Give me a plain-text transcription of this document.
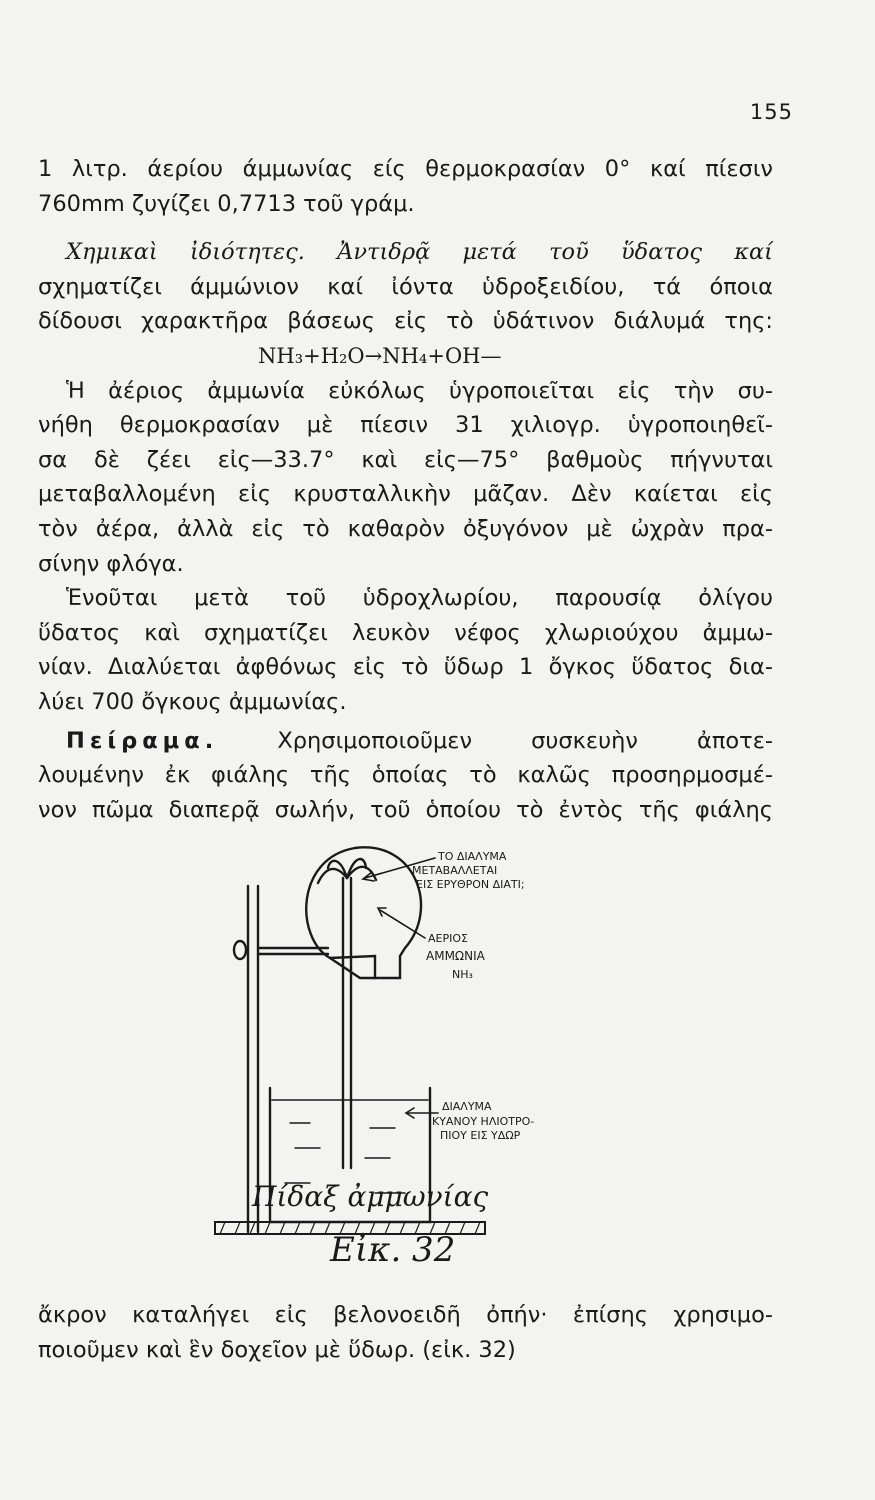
155
1 λιτρ. άερίου άμμωνίας είς θερμοκρασίαν 0° καί πίεσιν
760mm ζυγίζει 0,7713 τοῦ γράμ.
Χημικαὶ ἰδιότητες. Ἀντιδρᾷ μετά τοῦ ὕδατος καί
σχηματίζει άμμώνιον καί ἰόντα ὑδροξειδίου, τά όποια
δίδουσι χαρακτῆρα βάσεως εἰς τὸ ὑδάτινον διάλυμά της:
NH₃+H₂O→NH₄+OH—
Ἡ ἀέριος ἀμμωνία εὐκόλως ὑγροποιεῖται εἰς τὴν συ-
νήθη θερμοκρασίαν μὲ πίεσιν 31 χιλιογρ. ὑγροποιηθεῖ-
σα δὲ ζέει εἰς—33.7° καὶ εἰς—75° βαθμοὺς πήγνυται
μεταβαλλομένη εἰς κρυσταλλικὴν μᾶζαν. Δὲν καίεται εἰς
τὸν ἀέρα, ἀλλὰ εἰς τὸ καθαρὸν ὀξυγόνον μὲ ὠχρὰν πρα-
σίνην φλόγα.
Ἑνοῦται μετὰ τοῦ ὑδροχλωρίου, παρουσίᾳ ὀλίγου
ὕδατος καὶ σχηματίζει λευκὸν νέφος χλωριούχου ἀμμω-
νίαν. Διαλύεται ἀφθόνως εἰς τὸ ὕδωρ 1 ὄγκος ὕδατος δια-
λύει 700 ὄγκους ἀμμωνίας.
Πείραμα. Χρησιμοποιοῦμεν συσκευὴν ἀποτε-
λουμένην ἐκ φιάλης τῆς ὁποίας τὸ καλῶς προσηρμοσμέ-
νον πῶμα διαπερᾷ σωλήν, τοῦ ὁποίου τὸ ἐντὸς τῆς φιάλης
ΤΟ ΔΙΑΛΥΜΑ
ΜΕΤΑΒΑΛΛΕΤΑΙ
ΕΙΣ ΕΡΥΘΡΟΝ ΔΙΑΤΙ;
ΑΕΡΙΟΣ
ΑΜΜΩΝΙΑ
NH₃
ΔΙΑΛΥΜΑ
ΚΥΑΝΟΥ ΗΛΙΟΤΡΟ-
ΠΙΟΥ ΕΙΣ ΥΔΩΡ
Πίδαξ ἀμμωνίας
Εἰκ. 32
ἄκρον καταλήγει εἰς βελονοειδῆ ὀπήν· ἐπίσης χρησιμο-
ποιοῦμεν καὶ ἓν δοχεῖον μὲ ὕδωρ. (εἰκ. 32)
